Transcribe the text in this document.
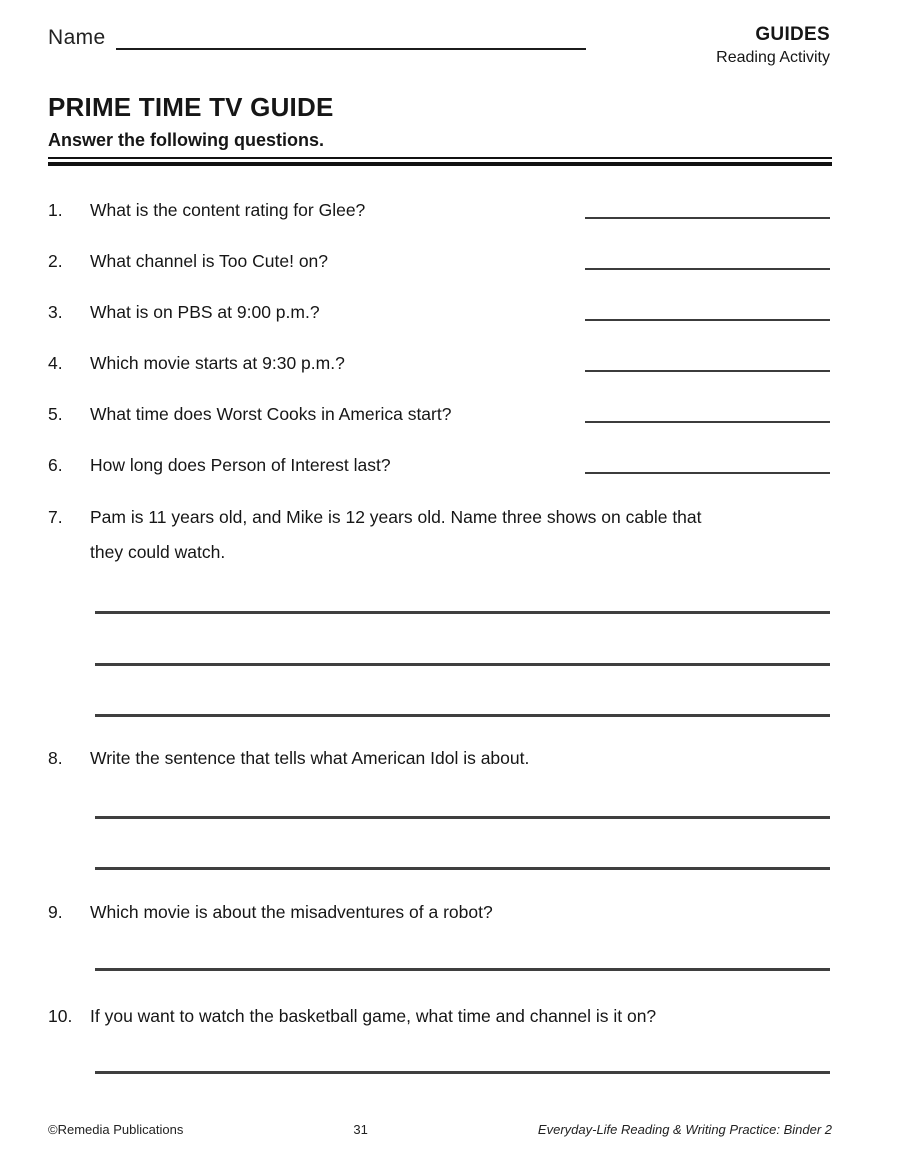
Name	GUIDES
Reading Activity
PRIME TIME TV GUIDE
Answer the following questions.
1.	What is the content rating for Glee?
2.	What channel is Too Cute! on?
3.	What is on PBS at 9:00 p.m.?
4.	Which movie starts at 9:30 p.m.?
5.	What time does Worst Cooks in America start?
6.	How long does Person of Interest last?
7.	Pam is 11 years old, and Mike is 12 years old. Name three shows on cable that
they could watch.
8.	Write the sentence that tells what American Idol is about.
9.	Which movie is about the misadventures of a robot?
10.	If you want to watch the basketball game, what time and channel is it on?
©Remedia Publications	31	Everyday-Life Reading & Writing Practice: Binder 2
